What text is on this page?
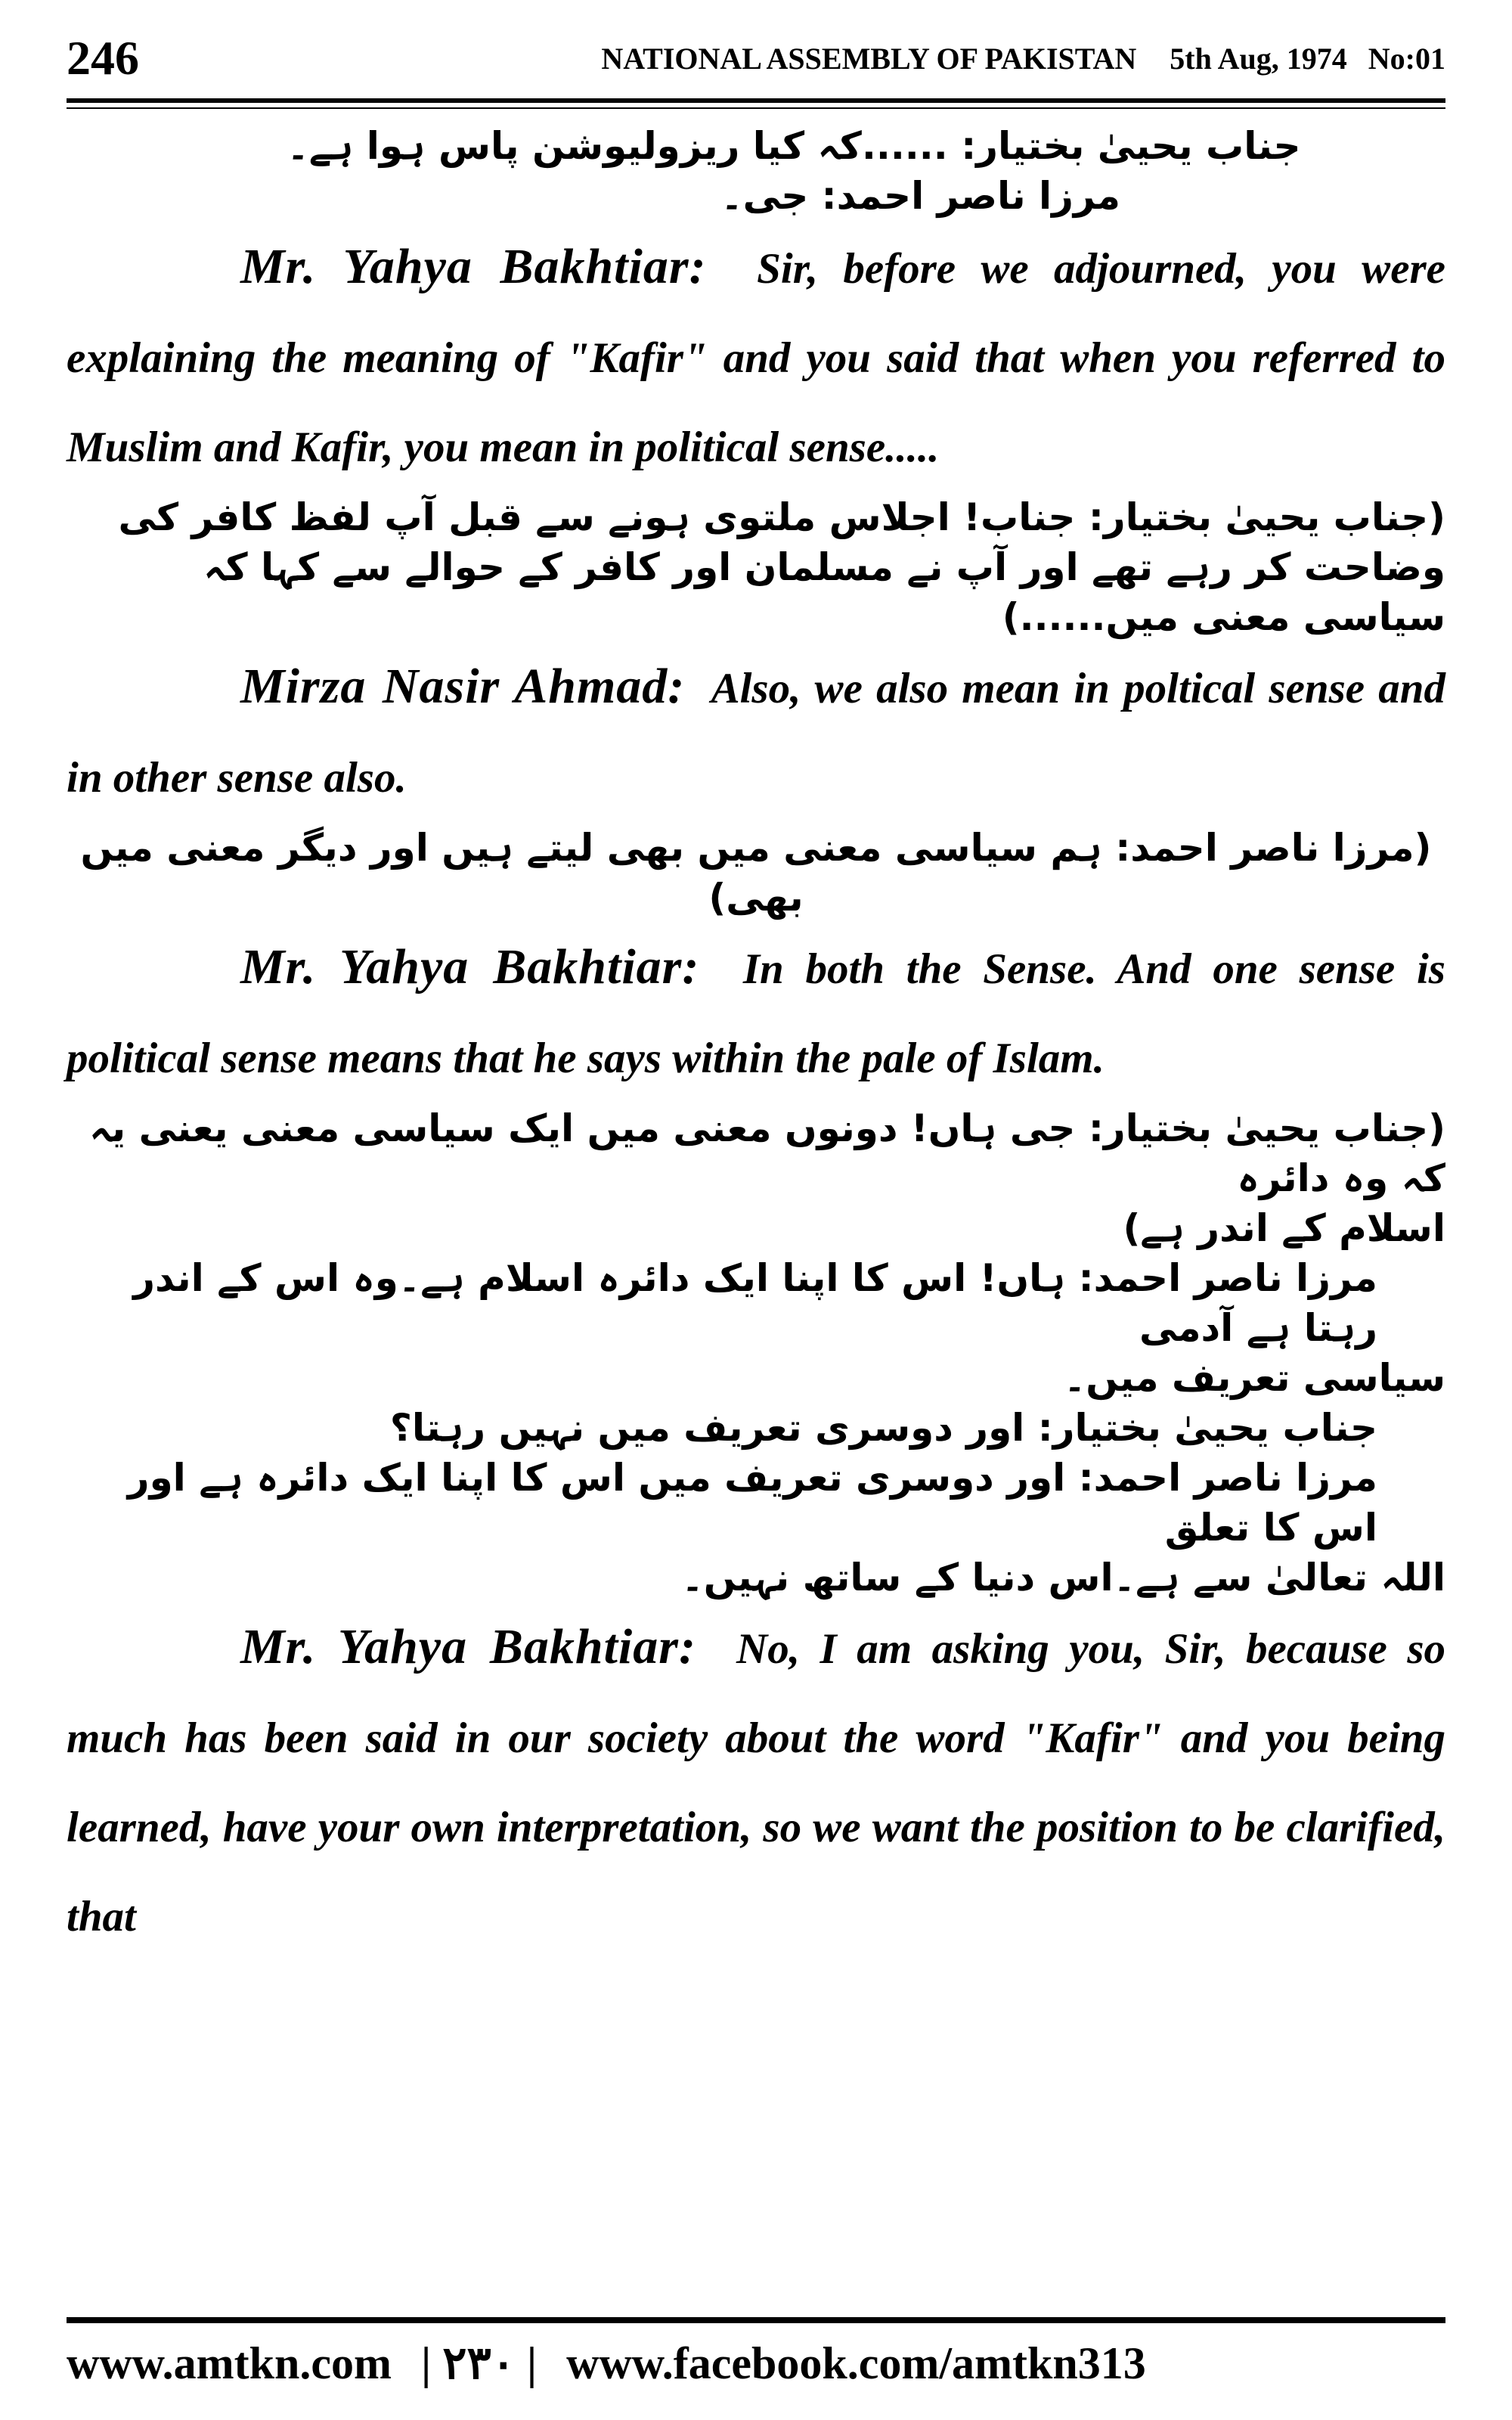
246	NATIONAL ASSEMBLY OF PAKISTAN 5th Aug, 1974 No:01

جناب یحییٰ بختیار: ......کہ کیا ریزولیوشن پاس ہوا ہے۔

مرزا ناصر احمد: جی۔

Mr. Yahya Bakhtiar: Sir, before we adjourned, you were explaining the meaning of "Kafir" and you said that when you referred to Muslim and Kafir, you mean in political sense.....

(جناب یحییٰ بختیار: جناب! اجلاس ملتوی ہونے سے قبل آپ لفظ کافر کی

وضاحت کر رہے تھے اور آپ نے مسلمان اور کافر کے حوالے سے کہا کہ سیاسی معنی میں......)

Mirza Nasir Ahmad: Also, we also mean in poltical sense and in other sense also.

(مرزا ناصر احمد: ہم سیاسی معنی میں بھی لیتے ہیں اور دیگر معنی میں بھی)

Mr. Yahya Bakhtiar: In both the Sense. And one sense is political sense means that he says within the pale of Islam.

(جناب یحییٰ بختیار: جی ہاں! دونوں معنی میں ایک سیاسی معنی یعنی یہ کہ وہ دائرہ

اسلام کے اندر ہے)

مرزا ناصر احمد: ہاں! اس کا اپنا ایک دائرہ اسلام ہے۔وہ اس کے اندر رہتا ہے آدمی

سیاسی تعریف میں۔

جناب یحییٰ بختیار: اور دوسری تعریف میں نہیں رہتا؟

مرزا ناصر احمد: اور دوسری تعریف میں اس کا اپنا ایک دائرہ ہے اور اس کا تعلق

اللہ تعالیٰ سے ہے۔اس دنیا کے ساتھ نہیں۔

Mr. Yahya Bakhtiar: No, I am asking you, Sir, because so much has been said in our society about the word "Kafir" and you being learned, have your own interpretation, so we want the position to be clarified, that

www.amtkn.com | ۲۳۰ | www.facebook.com/amtkn313
